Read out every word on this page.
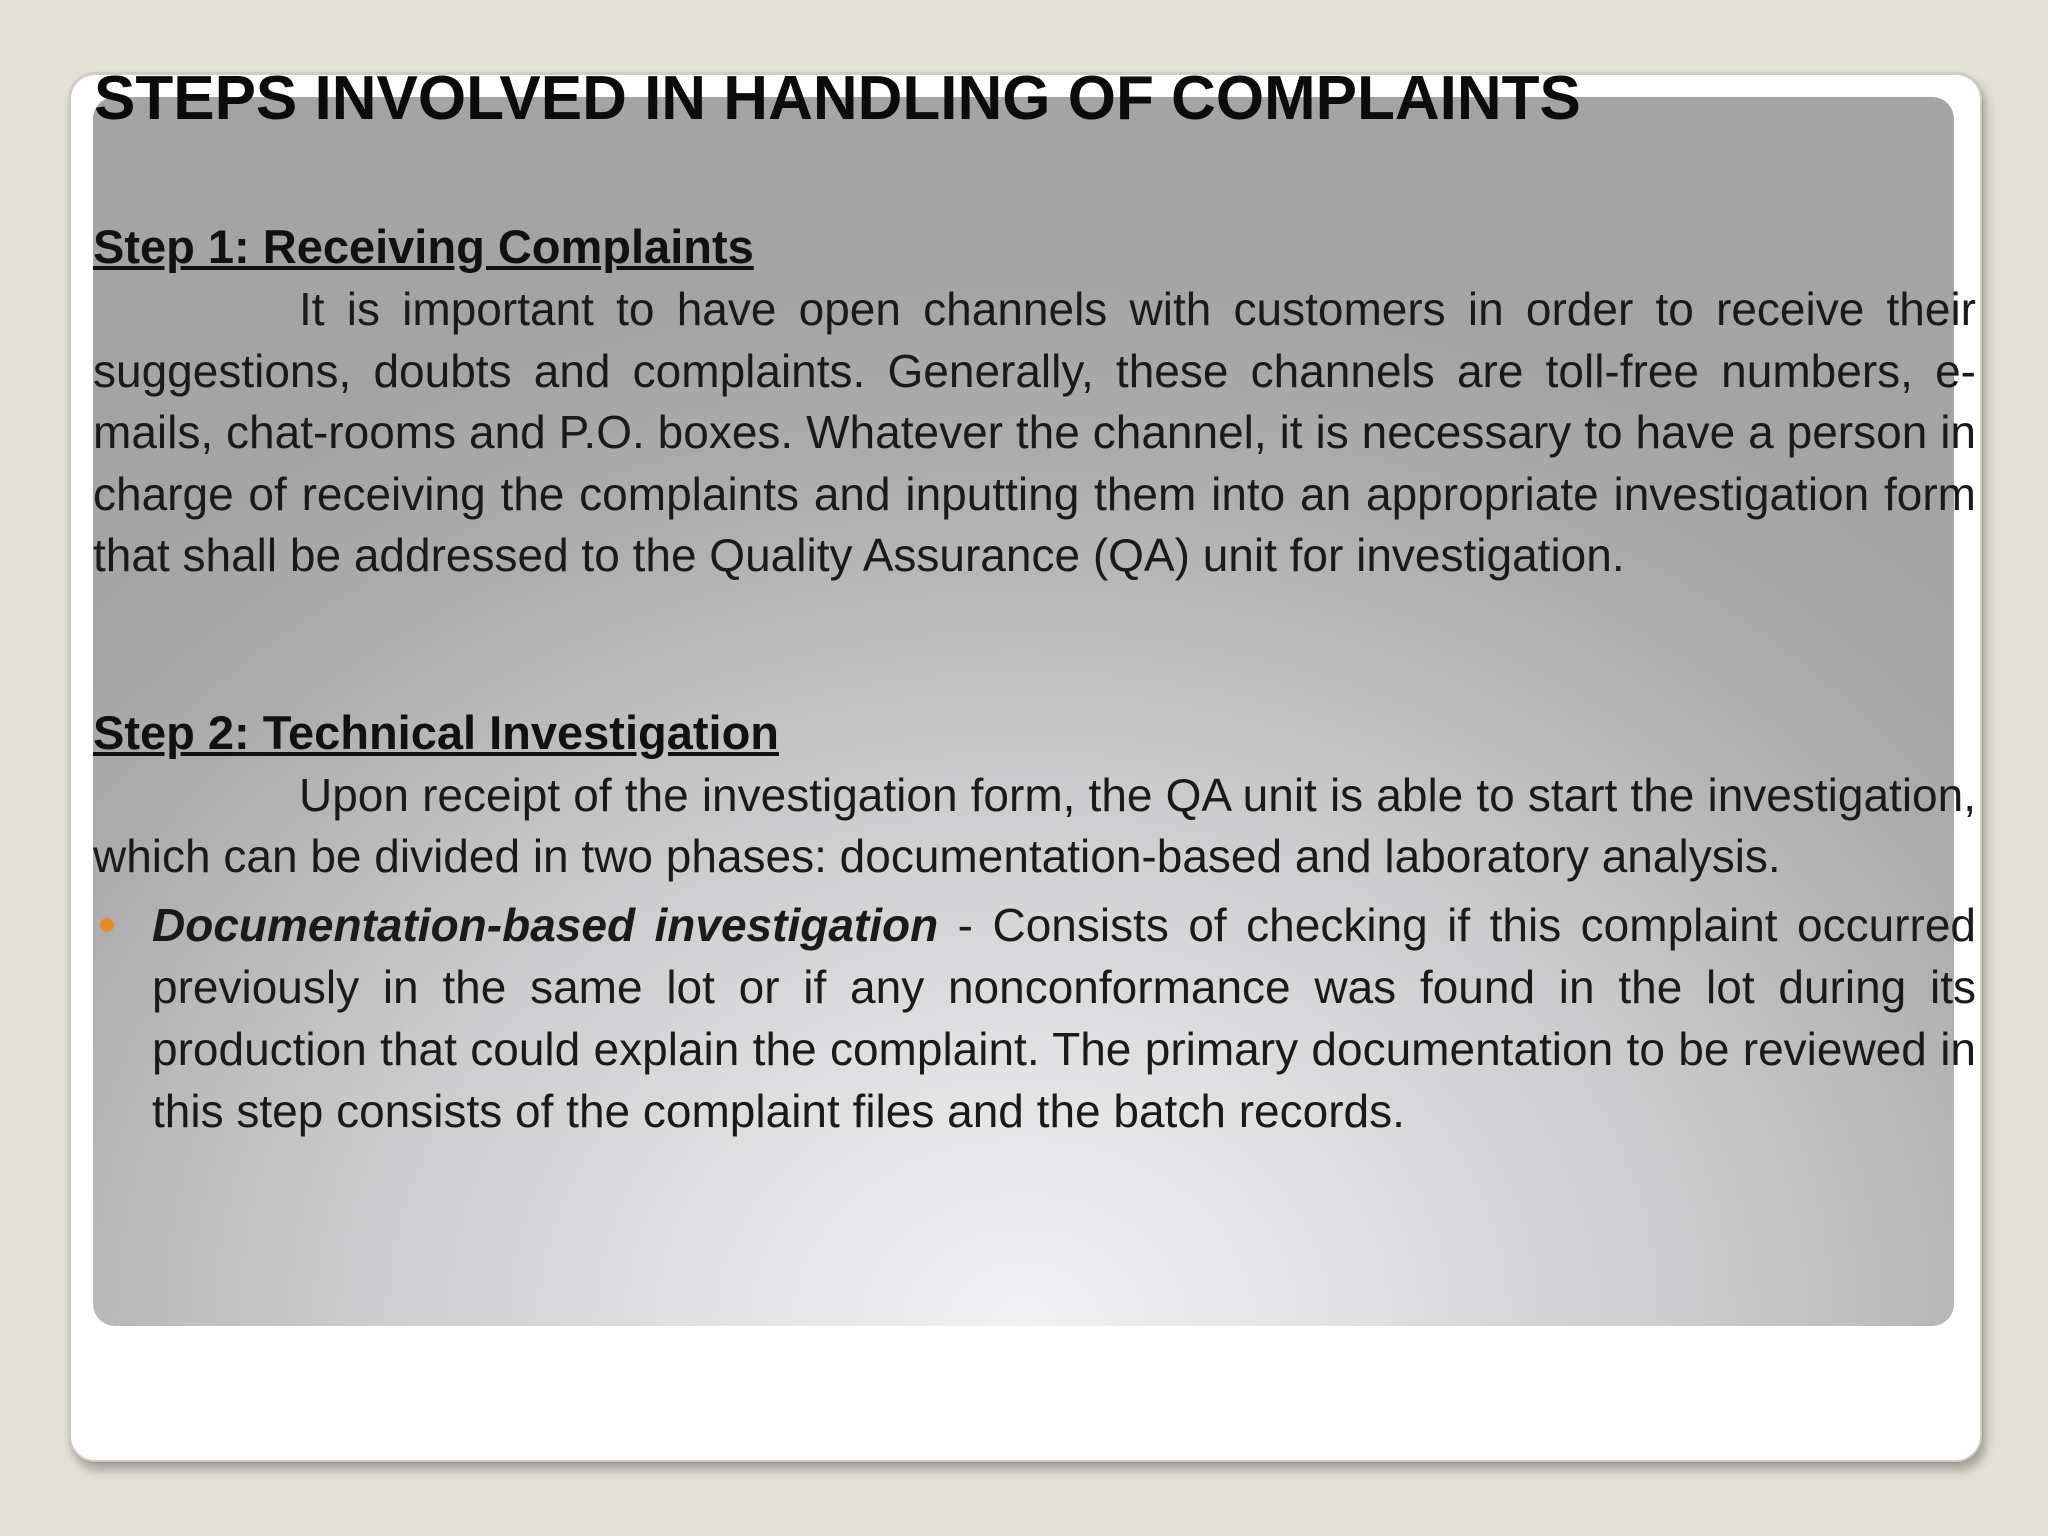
STEPS INVOLVED IN HANDLING OF COMPLAINTS
Step 1: Receiving Complaints

It is important to have open channels with customers in order to receive their suggestions, doubts and complaints. Generally, these channels are toll-free numbers, e-mails, chat-rooms and P.O. boxes. Whatever the channel, it is necessary to have a person in charge of receiving the complaints and inputting them into an appropriate investigation form that shall be addressed to the Quality Assurance (QA) unit for investigation.

Step 2: Technical Investigation

Upon receipt of the investigation form, the QA unit is able to start the investigation, which can be divided in two phases: documentation-based and laboratory analysis.

Documentation-based investigation - Consists of checking if this complaint occurred previously in the same lot or if any nonconformance was found in the lot during its production that could explain the complaint. The primary documentation to be reviewed in this step consists of the complaint files and the batch records.
